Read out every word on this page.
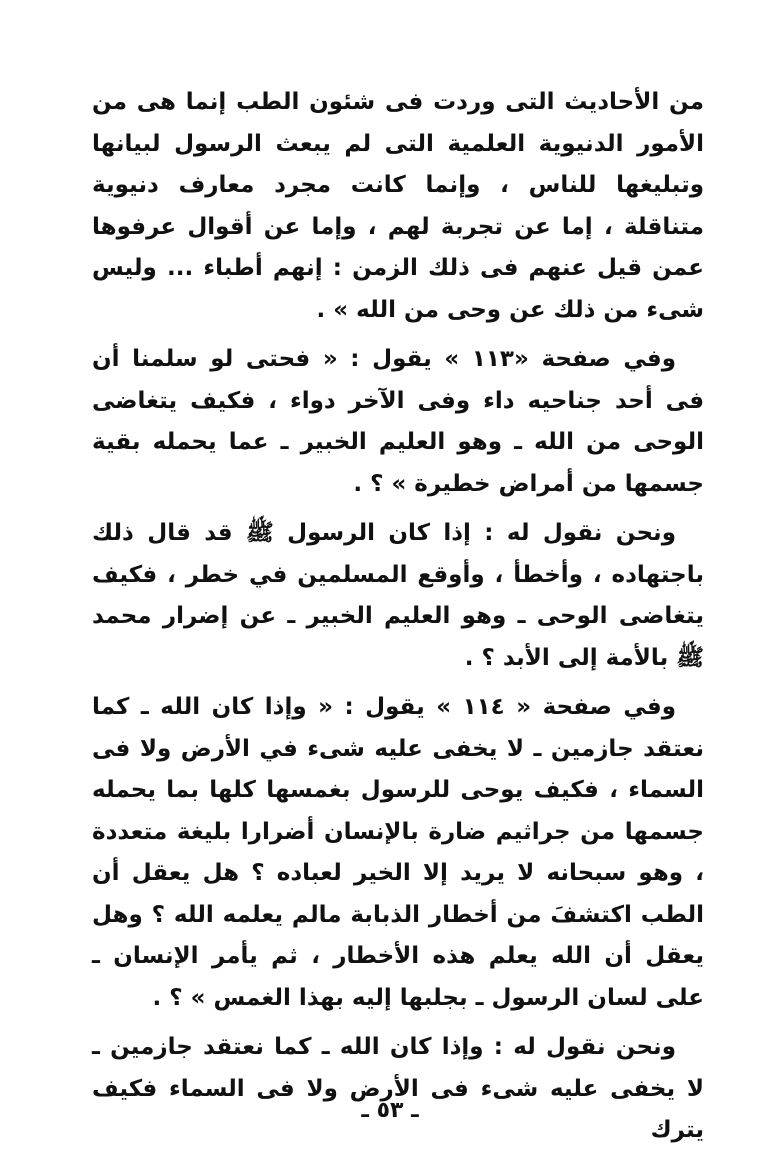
من الأحاديث التى وردت فى شئون الطب إنما هى من الأمور الدنيوية العلمية التى لم يبعث الرسول لبيانها وتبليغها للناس ، وإنما كانت مجرد معارف دنيوية متناقلة ، إما عن تجربة لهم ، وإما عن أقوال عرفوها عمن قيل عنهم فى ذلك الزمن : إنهم أطباء ... وليس شىء من ذلك عن وحى من الله » .

وفي صفحة «١١٣ » يقول : « فحتى لو سلمنا أن فى أحد جناحيه داء وفى الآخر دواء ، فكيف يتغاضى الوحى من الله ـ وهو العليم الخبير ـ عما يحمله بقية جسمها من أمراض خطيرة » ؟ .

ونحن نقول له : إذا كان الرسول ﷺ قد قال ذلك باجتهاده ، وأخطأ ، وأوقع المسلمين في خطر ، فكيف يتغاضى الوحى ـ وهو العليم الخبير ـ عن إضرار محمد ﷺ بالأمة إلى الأبد ؟ .

وفي صفحة « ١١٤ » يقول : « وإذا كان الله ـ كما نعتقد جازمين ـ لا يخفى عليه شىء في الأرض ولا فى السماء ، فكيف يوحى للرسول بغمسها كلها بما يحمله جسمها من جراثيم ضارة بالإنسان أضرارا بليغة متعددة ، وهو سبحانه لا يريد إلا الخير لعباده ؟ هل يعقل أن الطب اكتشفَ من أخطار الذبابة مالم يعلمه الله ؟ وهل يعقل أن الله يعلم هذه الأخطار ، ثم يأمر الإنسان ـ على لسان الرسول ـ بجلبها إليه بهذا الغمس » ؟ .

ونحن نقول له : وإذا كان الله ـ كما نعتقد جازمين ـ لا يخفى عليه شىء فى الأرض ولا فى السماء فكيف يترك

ـ ٥٣ ـ
